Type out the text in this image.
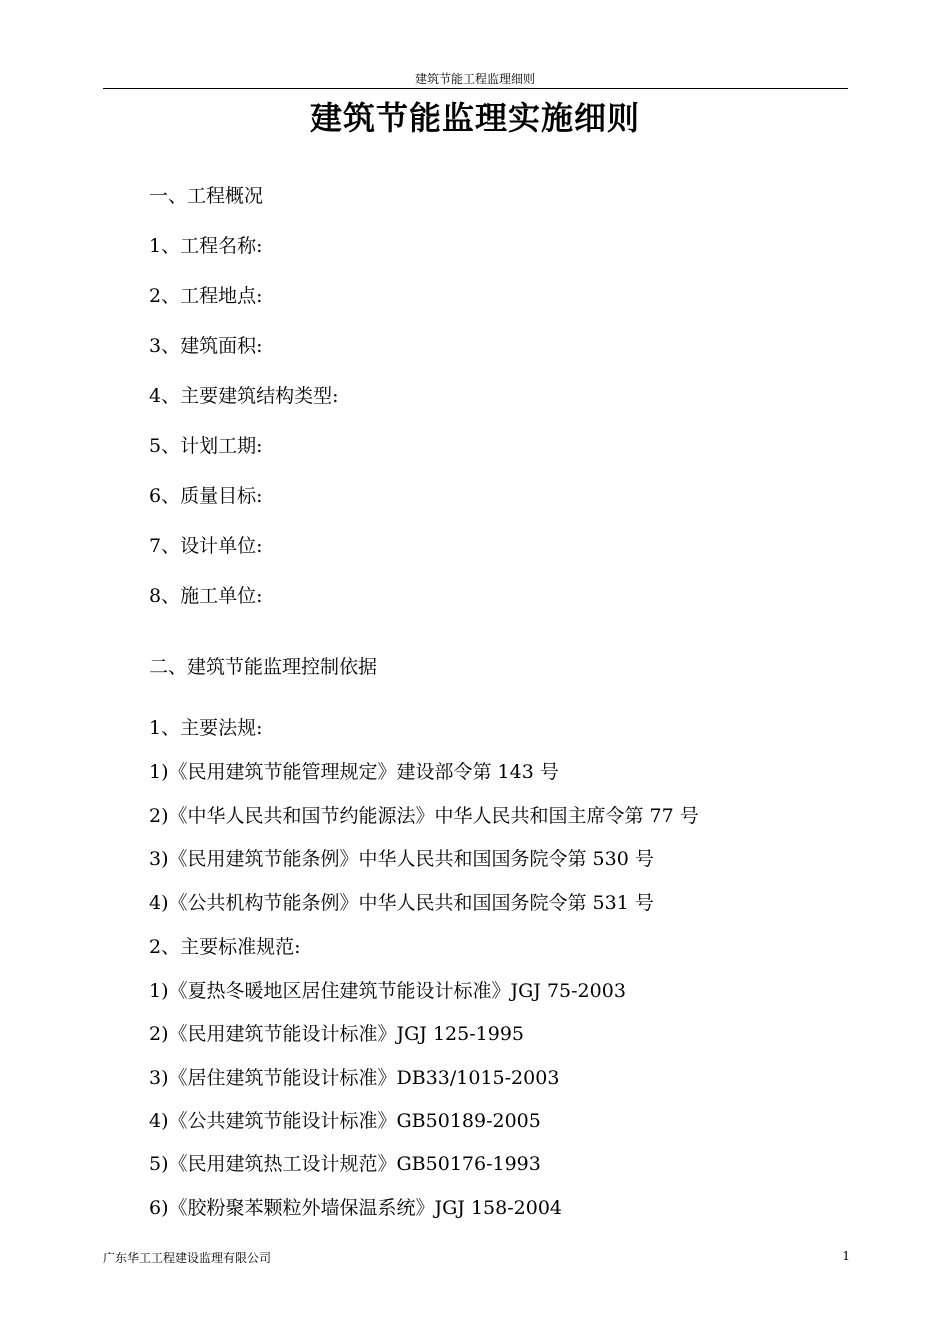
建筑节能工程监理细则
建筑节能监理实施细则
一、工程概况
1、工程名称:
2、工程地点:
3、建筑面积:
4、主要建筑结构类型:
5、计划工期:
6、质量目标:
7、设计单位:
8、施工单位:
二、建筑节能监理控制依据
1、主要法规:
1)《民用建筑节能管理规定》建设部令第 143 号
2)《中华人民共和国节约能源法》中华人民共和国主席令第 77 号
3)《民用建筑节能条例》中华人民共和国国务院令第 530 号
4)《公共机构节能条例》中华人民共和国国务院令第 531 号
2、主要标准规范:
1)《夏热冬暖地区居住建筑节能设计标准》JGJ 75-2003
2)《民用建筑节能设计标准》JGJ 125-1995
3)《居住建筑节能设计标准》DB33/1015-2003
4)《公共建筑节能设计标准》GB50189-2005
5)《民用建筑热工设计规范》GB50176-1993
6)《胶粉聚苯颗粒外墙保温系统》JGJ 158-2004
广东华工工程建设监理有限公司	1
